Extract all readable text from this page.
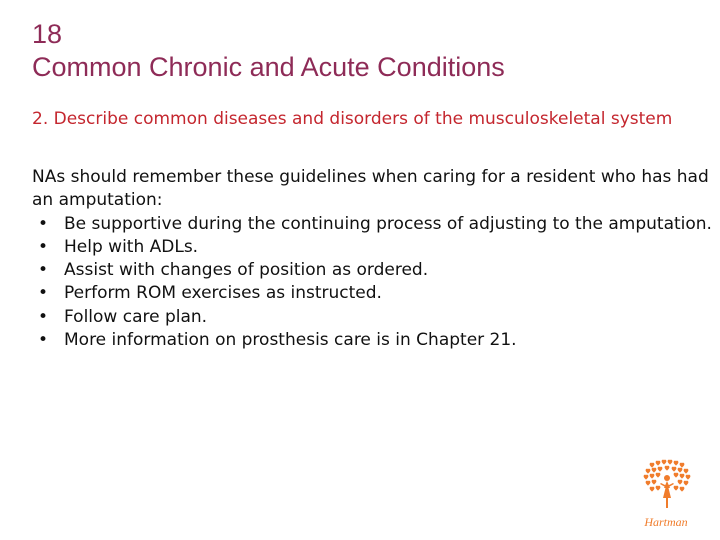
18
Common Chronic and Acute Conditions
2. Describe common diseases and disorders of the musculoskeletal system

NAs should remember these guidelines when caring for a resident who has had an amputation:

• Be supportive during the continuing process of adjusting to the amputation.
• Help with ADLs.
• Assist with changes of position as ordered.
• Perform ROM exercises as instructed.
• Follow care plan.
• More information on prosthesis care is in Chapter 21.
Hartman
